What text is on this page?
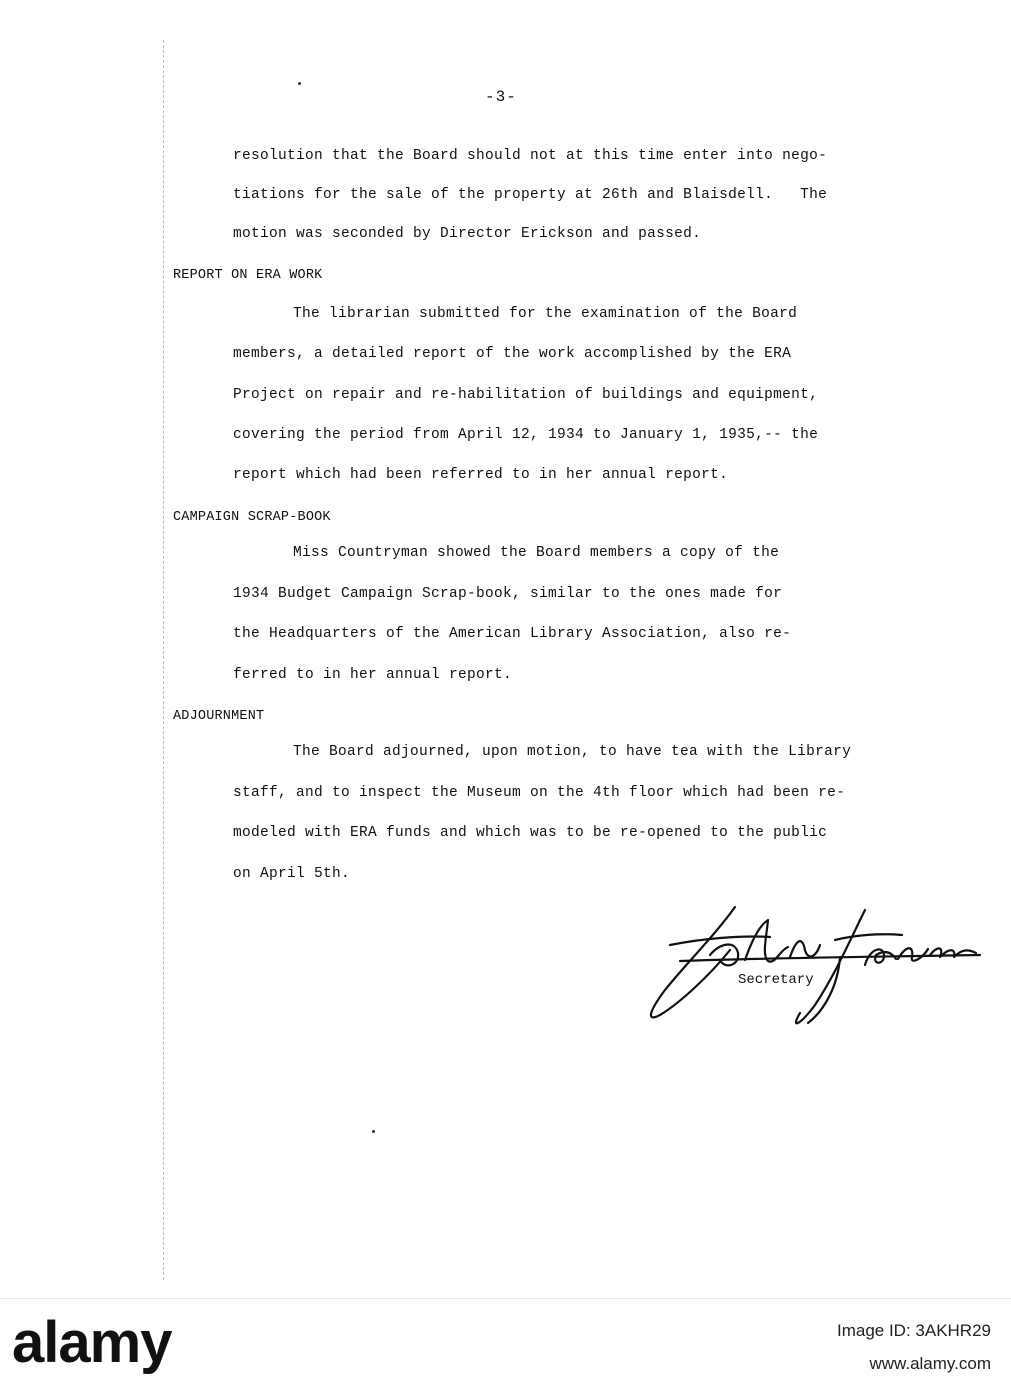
-3-
resolution that the Board should not at this time enter into nego-
tiations for the sale of the property at 26th and Blaisdell.   The
motion was seconded by Director Erickson and passed.
REPORT ON ERA WORK
The librarian submitted for the examination of the Board
members, a detailed report of the work accomplished by the ERA
Project on repair and re-habilitation of buildings and equipment,
covering the period from April 12, 1934 to January 1, 1935,-- the
report which had been referred to in her annual report.
CAMPAIGN SCRAP-BOOK
Miss Countryman showed the Board members a copy of the
1934 Budget Campaign Scrap-book, similar to the ones made for
the Headquarters of the American Library Association, also re-
ferred to in her annual report.
ADJOURNMENT
The Board adjourned, upon motion, to have tea with the Library
staff, and to inspect the Museum on the 4th floor which had been re-
modeled with ERA funds and which was to be re-opened to the public
on April 5th.
Secretary
alamy	Image ID: 3AKHR29
www.alamy.com
